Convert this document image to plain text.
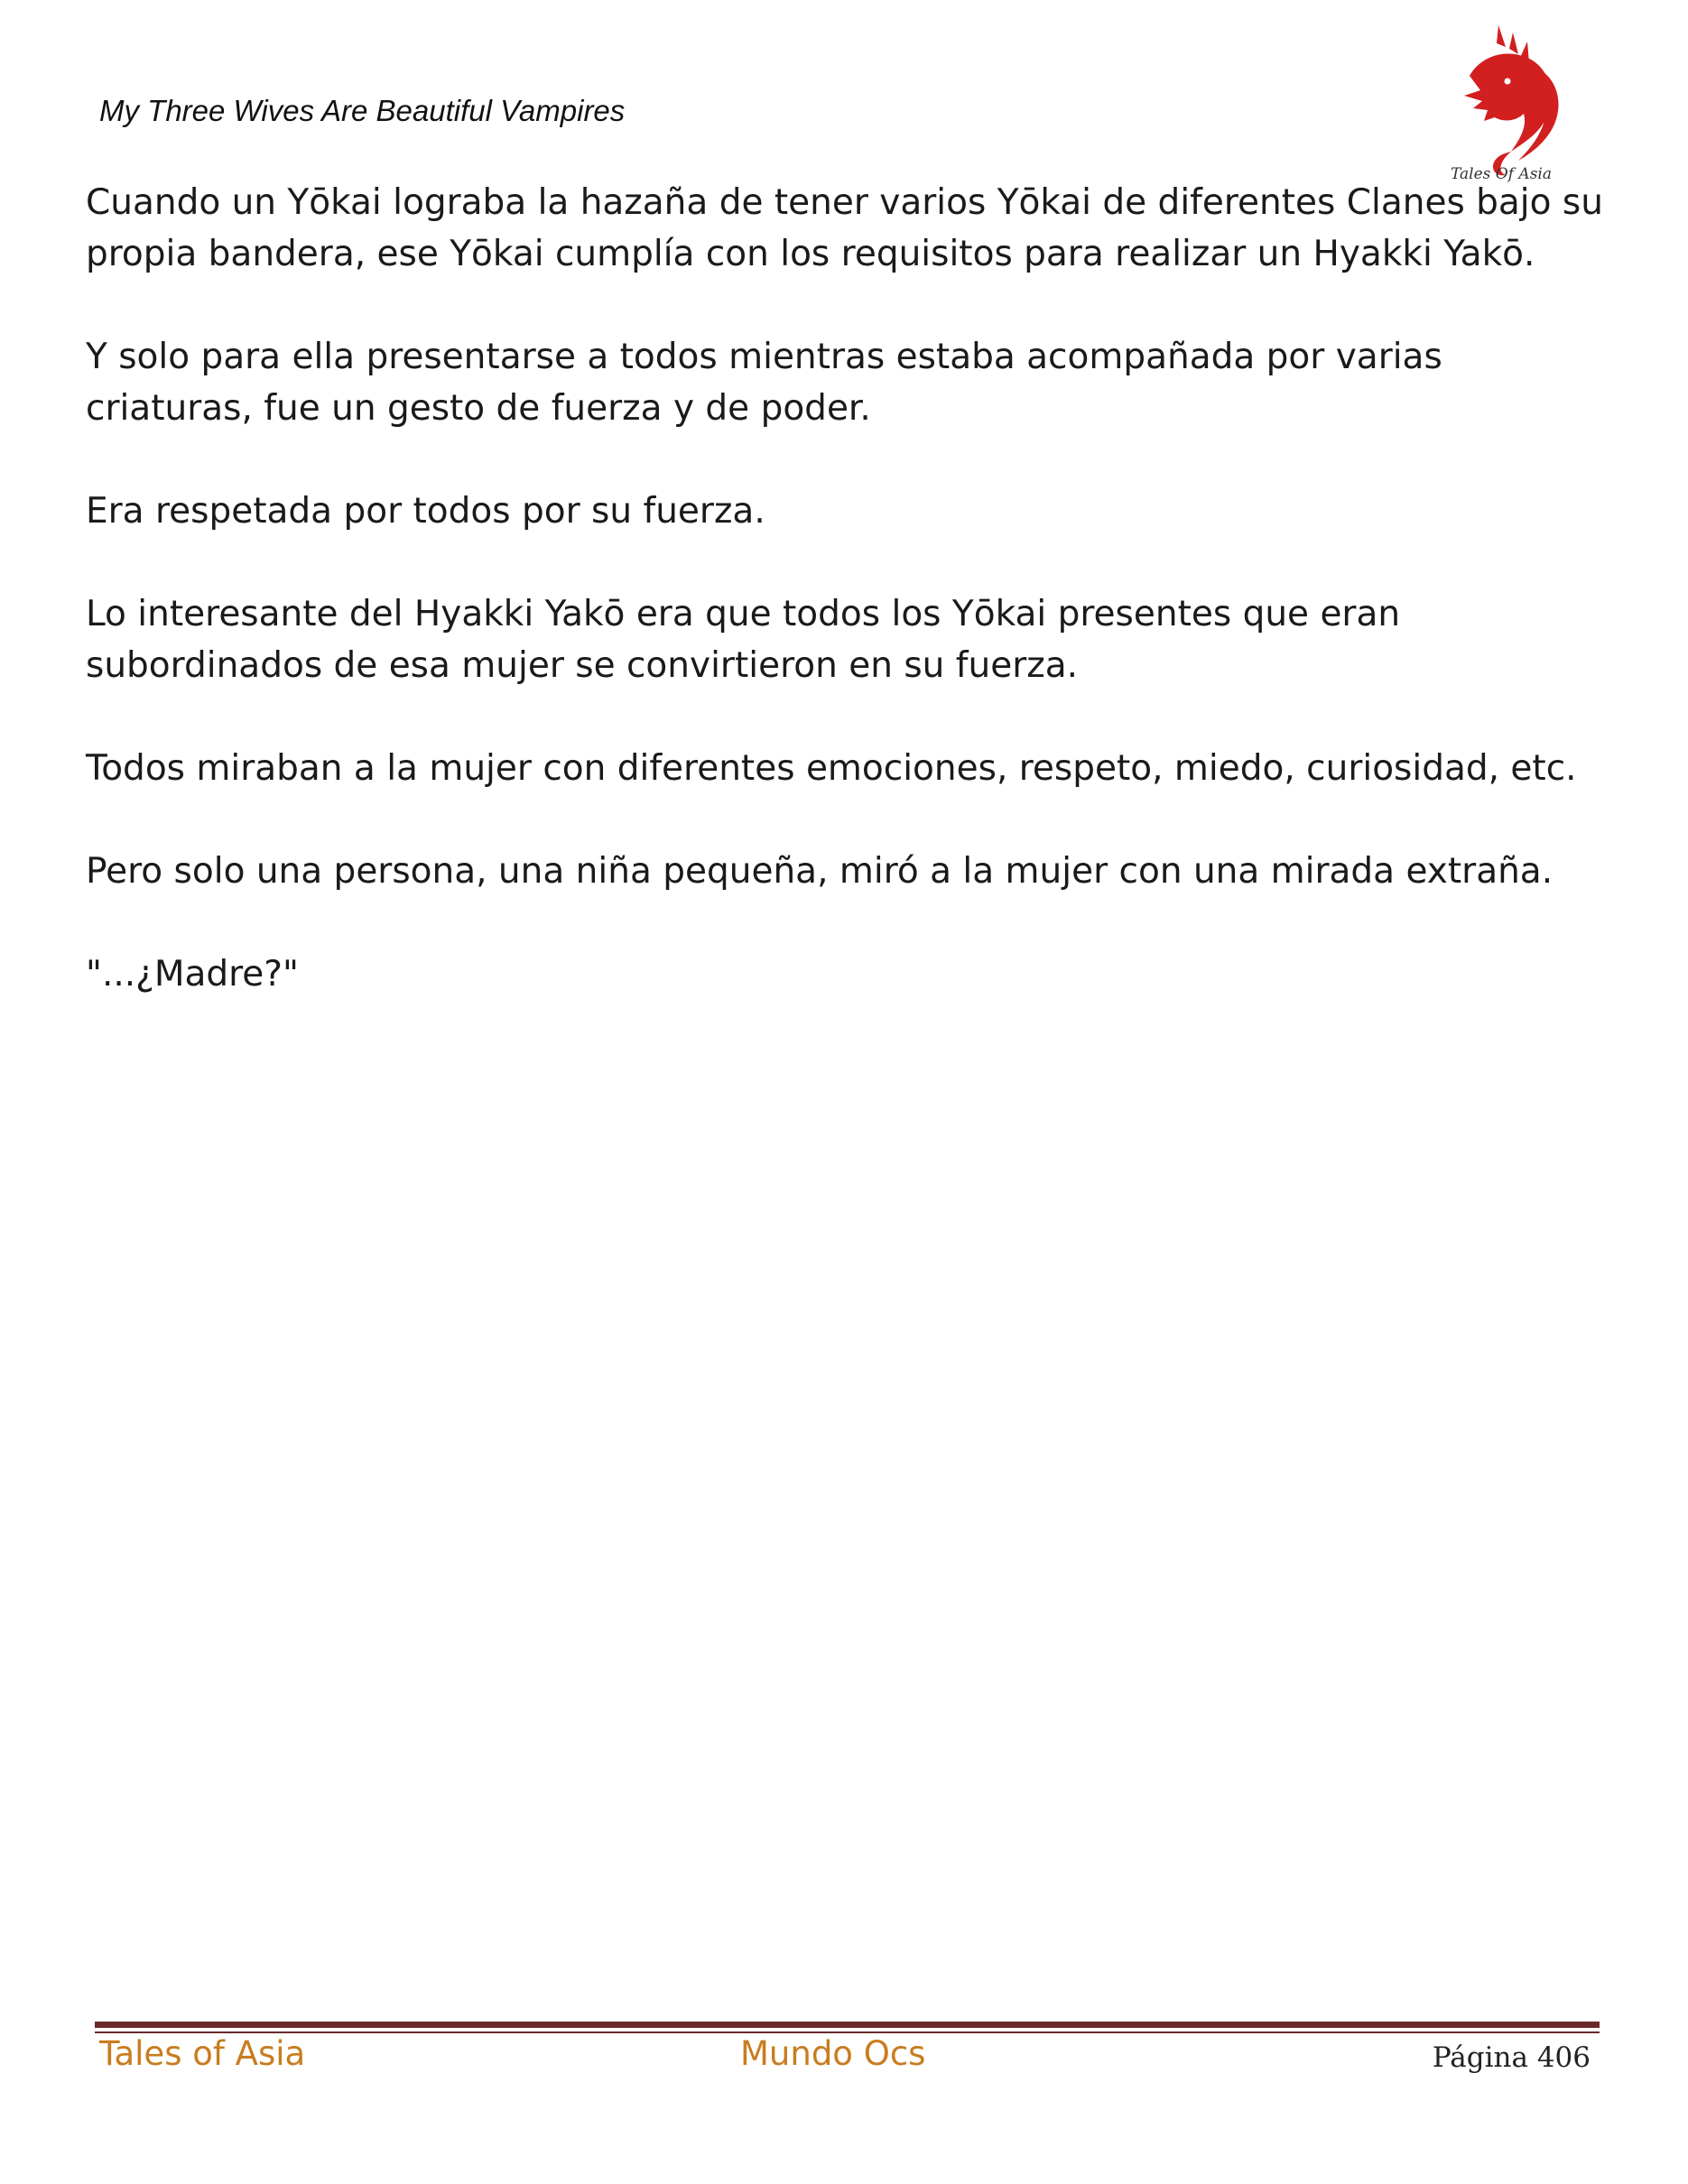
My Three Wives Are Beautiful Vampires
Tales Of Asia

Cuando un Yōkai lograba la hazaña de tener varios Yōkai de diferentes Clanes bajo su propia bandera, ese Yōkai cumplía con los requisitos para realizar un Hyakki Yakō.

Y solo para ella presentarse a todos mientras estaba acompañada por varias criaturas, fue un gesto de fuerza y de poder.

Era respetada por todos por su fuerza.

Lo interesante del Hyakki Yakō era que todos los Yōkai presentes que eran subordinados de esa mujer se convirtieron en su fuerza.

Todos miraban a la mujer con diferentes emociones, respeto, miedo, curiosidad, etc.

Pero solo una persona, una niña pequeña, miró a la mujer con una mirada extraña.

"...¿Madre?"

Tales of Asia	Mundo Ocs	Página 406
